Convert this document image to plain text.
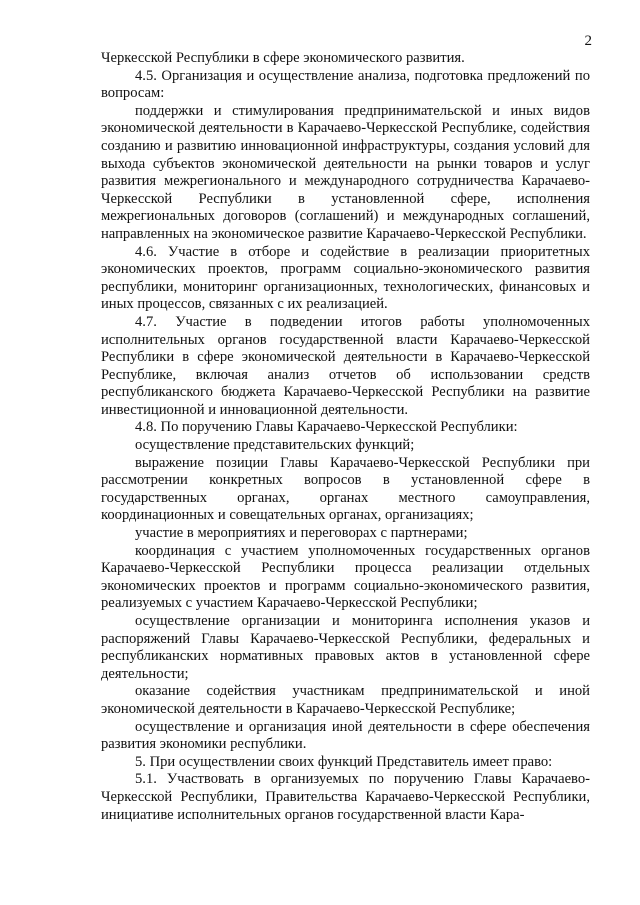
2

Черкесской Республики в сфере экономического развития.

4.5. Организация и осуществление анализа, подготовка предложений по вопросам:

поддержки и стимулирования предпринимательской и иных видов экономической деятельности в Карачаево-Черкесской Республике, содействия созданию и развитию инновационной инфраструктуры, создания условий для выхода субъектов экономической деятельности на рынки товаров и услуг развития межрегионального и международного сотрудничества Карачаево-Черкесской Республики в установленной сфере, исполнения межрегиональных договоров (соглашений) и международных соглашений, направленных на экономическое развитие Карачаево-Черкесской Республики.

4.6. Участие в отборе и содействие в реализации приоритетных экономических проектов, программ социально-экономического развития республики, мониторинг организационных, технологических, финансовых и иных процессов, связанных с их реализацией.

4.7. Участие в подведении итогов работы уполномоченных исполнительных органов государственной власти Карачаево-Черкесской Республики в сфере экономической деятельности в Карачаево-Черкесской Республике, включая анализ отчетов об использовании средств республиканского бюджета Карачаево-Черкесской Республики на развитие инвестиционной и инновационной деятельности.

4.8. По поручению Главы Карачаево-Черкесской Республики:

осуществление представительских функций;

выражение позиции Главы Карачаево-Черкесской Республики при рассмотрении конкретных вопросов в установленной сфере в государственных органах, органах местного самоуправления, координационных и совещательных органах, организациях;

участие в мероприятиях и переговорах с партнерами;

координация с участием уполномоченных государственных органов Карачаево-Черкесской Республики процесса реализации отдельных экономических проектов и программ социально-экономического развития, реализуемых с участием Карачаево-Черкесской Республики;

осуществление организации и мониторинга исполнения указов и распоряжений Главы Карачаево-Черкесской Республики, федеральных и республиканских нормативных правовых актов в установленной сфере деятельности;

оказание содействия участникам предпринимательской и иной экономической деятельности в Карачаево-Черкесской Республике;

осуществление и организация иной деятельности в сфере обеспечения развития экономики республики.

5. При осуществлении своих функций Представитель имеет право:

5.1. Участвовать в организуемых по поручению Главы Карачаево-Черкесской Республики, Правительства Карачаево-Черкесской Республики, инициативе исполнительных органов государственной власти Кара-
